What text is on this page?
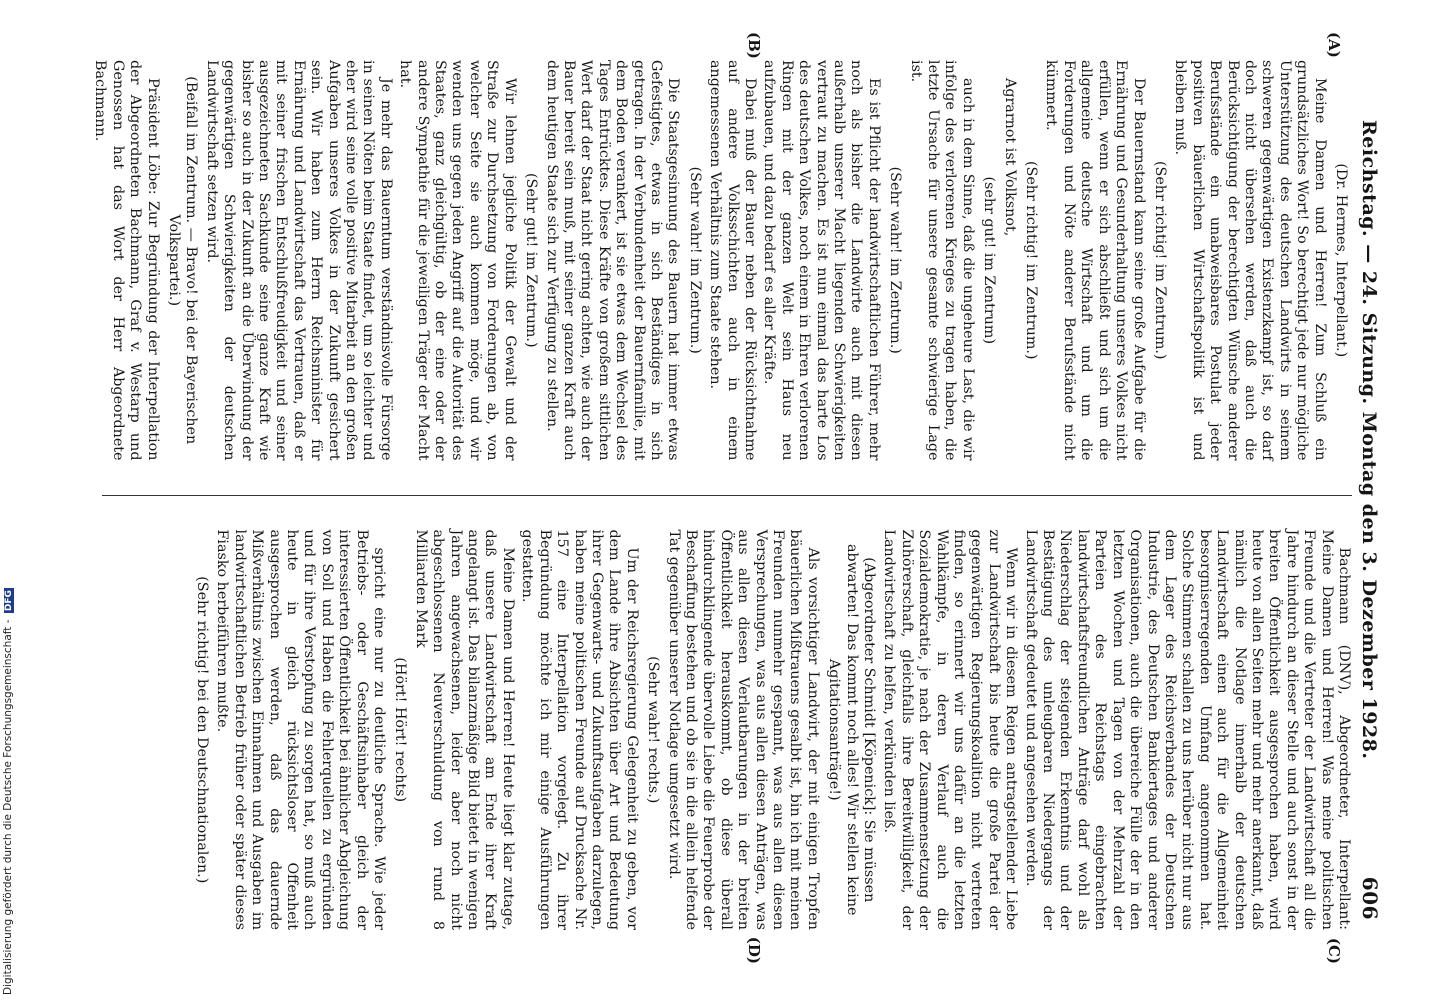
Reichstag. — 24. Sitzung. Montag den 3. Dezember 1928.
606
(A)
(B)

(Dr. Hermes, Interpellant.)

Meine Damen und Herren! Zum Schluß ein grundsätzliches Wort! So berechtigt jede nur mögliche Unterstützung des deutschen Landwirts in seinem schweren gegenwärtigen Existenzkampf ist, so darf doch nicht übersehen werden, daß auch die Berücksichtigung der berechtigten Wünsche anderer Berufsstände ein unabweisbares Postulat jeder positiven bäuerlichen Wirtschaftspolitik ist und bleiben muß.

(Sehr richtig! im Zentrum.)

Der Bauernstand kann seine große Aufgabe für die Ernährung und Gesunderhaltung unseres Volkes nicht erfüllen, wenn er sich abschließt und sich um die allgemeine deutsche Wirtschaft und um die Forderungen und Nöte anderer Berufsstände nicht kümmert.

(Sehr richtig! im Zentrum.)

Agrarnot ist Volksnot,

(sehr gut! im Zentrum)

auch in dem Sinne, daß die ungeheure Last, die wir infolge des verlorenen Krieges zu tragen haben, die letzte Ursache für unsere gesamte schwierige Lage ist.

(Sehr wahr! im Zentrum.)

Es ist Pflicht der landwirtschaftlichen Führer, mehr noch als bisher die Landwirte auch mit diesen außerhalb unserer Macht liegenden Schwierigkeiten vertraut zu machen. Es ist nun einmal das harte Los des deutschen Volkes, noch einem in Ehren verlorenen Ringen mit der ganzen Welt sein Haus neu aufzubauen, und dazu bedarf es aller Kräfte.

Dabei muß der Bauer neben der Rücksichtnahme auf andere Volksschichten auch in einem angemessenen Verhältnis zum Staate stehen.

(Sehr wahr! im Zentrum.)

Die Staatsgesinnung des Bauern hat immer etwas Gefestigtes, etwas in sich Beständiges in sich getragen. In der Verbundenheit der Bauernfamilie, mit dem Boden verankert, ist sie etwas dem Wechsel des Tages Entrücktes. Diese Kräfte von großem sittlichen Wert darf der Staat nicht gering achten, wie auch der Bauer bereit sein muß, mit seiner ganzen Kraft auch dem heutigen Staate sich zur Verfügung zu stellen.

(Sehr gut! im Zentrum.)

Wir lehnen jegliche Politik der Gewalt und der Straße zur Durchsetzung von Forderungen ab, von welcher Seite sie auch kommen möge, und wir wenden uns gegen jeden Angriff auf die Autorität des Staates, ganz gleichgültig, ob der eine oder der andere Sympathie für die jeweiligen Träger der Macht hat.

Je mehr das Bauerntum verständnisvolle Fürsorge in seinen Nöten beim Staate findet, um so leichter und eher wird seine volle positive Mitarbeit an den großen Aufgaben unseres Volkes in der Zukunft gesichert sein. Wir haben zum Herrn Reichsminister für Ernährung und Landwirtschaft das Vertrauen, daß er mit seiner frischen Entschlußfreudigkeit und seiner ausgezeichneten Sachkunde seine ganze Kraft wie bisher so auch in der Zukunft an die Überwindung der gegenwärtigen Schwierigkeiten der deutschen Landwirtschaft setzen wird.

(Beifall im Zentrum. — Bravo! bei der Bayerischen Volkspartei.)

Präsident Löbe: Zur Begründung der Interpellation der Abgeordneten Bachmann, Graf v. Westarp und Genossen hat das Wort der Herr Abgeordnete Bachmann.

(C)
(D)

Bachmann (DNV), Abgeordneter, Interpellant: Meine Damen und Herren! Was meine politischen Freunde und die Vertreter der Landwirtschaft all die Jahre hindurch an dieser Stelle und auch sonst in der breiten Öffentlichkeit ausgesprochen haben, wird heute von allen Seiten mehr und mehr anerkannt, daß nämlich die Notlage innerhalb der deutschen Landwirtschaft einen auch für die Allgemeinheit besorgniserregenden Umfang angenommen hat. Solche Stimmen schallen zu uns herüber nicht nur aus dem Lager des Reichsverbandes der Deutschen Industrie, des Deutschen Bankiertages und anderer Organisationen, auch die übereiche Fülle der in den letzten Wochen und Tagen von der Mehrzahl der Parteien des Reichstags eingebrachten landwirtschaftsfreundlichen Anträge darf wohl als Niederschlag der steigenden Erkenntnis und der Bestätigung des unleugbaren Niedergangs der Landwirtschaft gedeutet und angesehen werden.

Wenn wir in diesem Reigen antragstellender Liebe zur Landwirtschaft bis heute die große Partei der gegenwärtigen Regierungskoalition nicht vertreten finden, so erinnert wir uns dafür an die letzten Wahlkämpfe, in deren Verlauf auch die Sozialdemokratie, je nach der Zusammensetzung der Zuhörerschaft, gleichfalls ihre Bereitwilligkeit, der Landwirtschaft zu helfen, verkünden ließ.

(Abgeordneter Schmidt [Köpenick]: Sie müssen abwarten! Das kommt noch alles! Wir stellen keine Agitationsanträge!)

Als vorsichtiger Landwirt, der mit einigen Tropfen bäuerlichen Mißtrauens gesalbt ist, bin ich mit meinen Freunden nunmehr gespannt, was aus allen diesen Versprechungen, was aus allen diesen Anträgen, was aus allen diesen Verlautbarungen in der breiten Öffentlichkeit herauskommt, ob diese überall hindurchklingende übervolle Liebe die Feuerprobe der Beschaffung bestehen und ob sie in die allein helfende Tat gegenüber unserer Notlage umgesetzt wird.

(Sehr wahr! rechts.)

Um der Reichsregierung Gelegenheit zu geben, vor dem Lande ihre Absichten über Art und Bedeutung ihrer Gegenwarts- und Zukunftsaufgaben darzulegen, haben meine politischen Freunde auf Drucksache Nr. 157 eine Interpellation vorgelegt. Zu ihrer Begründung möchte ich mir einige Ausführungen gestatten.

Meine Damen und Herren! Heute liegt klar zutage, daß unsere Landwirtschaft am Ende ihrer Kraft angelangt ist. Das bilanzmäßige Bild bietet in wenigen Jahren angewachsenen, leider aber noch nicht abgeschlossenen Neuverschuldung von rund 8 Milliarden Mark

(Hört! Hört! rechts)

spricht eine nur zu deutliche Sprache. Wie jeder Betriebs- oder Geschäftsinhaber gleich der interessierten Öffentlichkeit bei ähnlicher Abgleichung von Soll und Haben die Fehlerquellen zu ergründen und für ihre Verstopfung zu sorgen hat, so muß auch heute in gleich rücksichtsloser Offenheit ausgesprochen werden, daß das dauernde Mißverhältnis zwischen Einnahmen und Ausgaben im landwirtschaftlichen Betrieb früher oder später dieses Fiasko herbeiführen mußte.

(Sehr richtig! bei den Deutschnationalen.)

Digitalisierung gefördert durch die Deutsche Forschungsgemeinschaft - DFG
